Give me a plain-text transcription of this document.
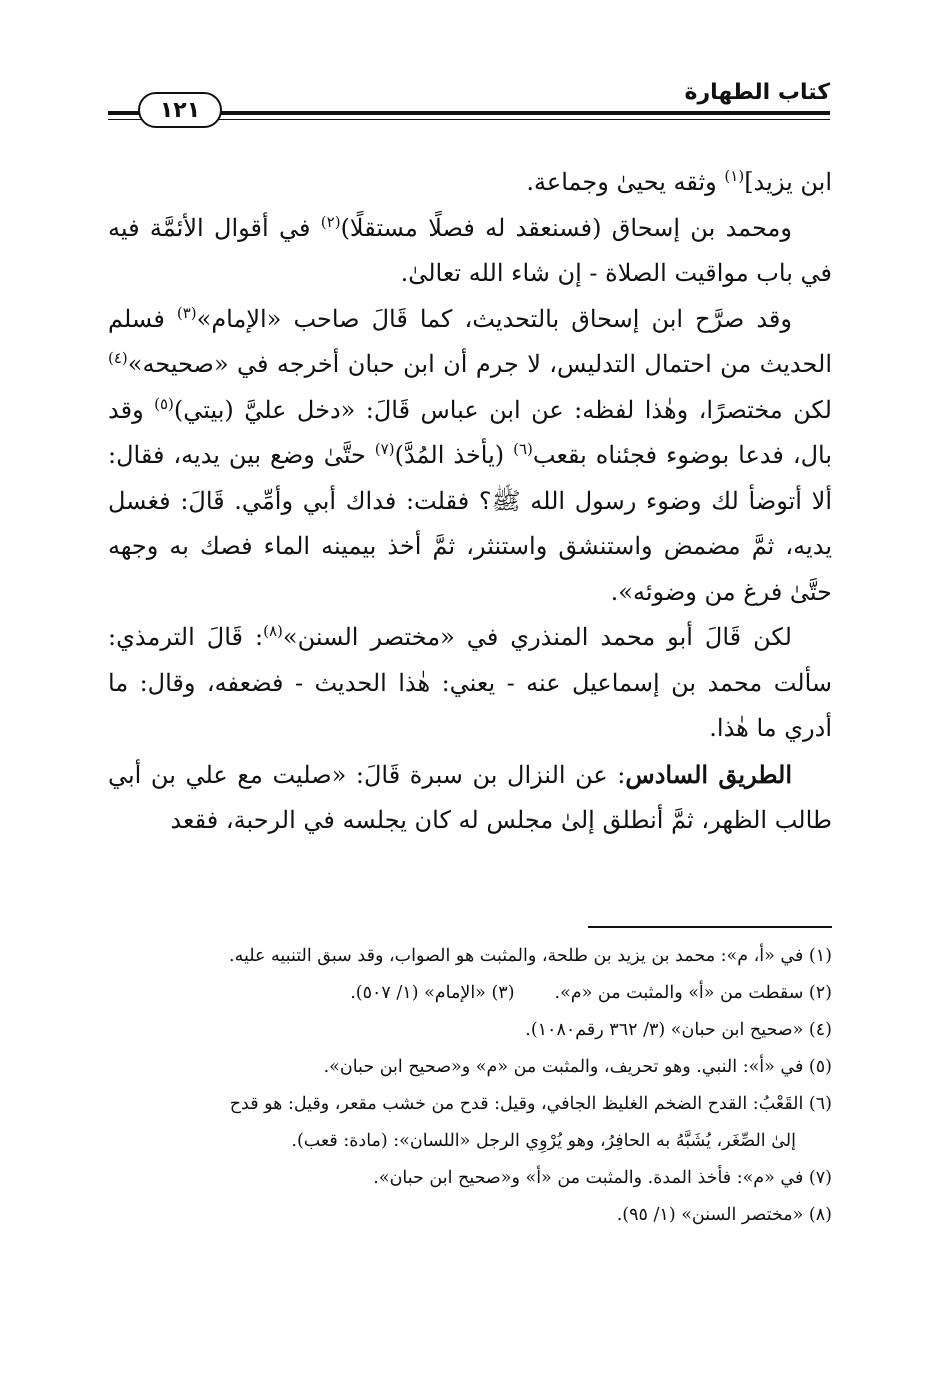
١٢١
كتاب الطهارة

ابن يزيد]$^{(١)}$ وثقه يحيىٰ وجماعة.

ومحمد بن إسحاق (فسنعقد له فصلًا مستقلًا)$^{(٢)}$ في أقوال الأئمَّة فيه في باب مواقيت الصلاة - إن شاء الله تعالىٰ.

وقد صرَّح ابن إسحاق بالتحديث، كما قَالَ صاحب «الإمام»$^{(٣)}$ فسلم الحديث من احتمال التدليس، لا جرم أن ابن حبان أخرجه في «صحيحه»$^{(٤)}$ لكن مختصرًا، وهٰذا لفظه: عن ابن عباس قَالَ: «دخل عليَّ (بيتي)$^{(٥)}$ وقد بال، فدعا بوضوء فجئناه بقعب$^{(٦)}$ (يأخذ المُدَّ)$^{(٧)}$ حتَّىٰ وضع بين يديه، فقال: ألا أتوضأ لك وضوء رسول الله ﷺ؟ فقلت: فداك أبي وأمِّي. قَالَ: فغسل يديه، ثمَّ مضمض واستنشق واستنثر، ثمَّ أخذ بيمينه الماء فصك به وجهه حتَّىٰ فرغ من وضوئه».

لكن قَالَ أبو محمد المنذري في «مختصر السنن»$^{(٨)}$: قَالَ الترمذي: سألت محمد بن إسماعيل عنه - يعني: هٰذا الحديث - فضعفه، وقال: ما أدري ما هٰذا.

الطريق السادس: عن النزال بن سبرة قَالَ: «صليت مع علي بن أبي طالب الظهر، ثمَّ أنطلق إلىٰ مجلس له كان يجلسه في الرحبة، فقعد

(١) في «أ، م»: محمد بن يزيد بن طلحة، والمثبت هو الصواب، وقد سبق التنبيه عليه.

(٢) سقطت من «أ» والمثبت من «م».
(٣) «الإمام» (١/ ٥٠٧).

(٤) «صحيح ابن حبان» (٣/ ٣٦٢ رقم١٠٨٠).

(٥) في «أ»: النبي. وهو تحريف، والمثبت من «م» و«صحيح ابن حبان».

(٦) القَعْبُ: القدح الضخم الغليظ الجافي، وقيل: قدح من خشب مقعر، وقيل: هو قدح

إلىٰ الصِّغَر، يُشَبَّهُ به الحافِرُ، وهو يُرْوِي الرجل «اللسان»: (مادة: قعب).

(٧) في «م»: فأخذ المدة. والمثبت من «أ» و«صحيح ابن حبان».

(٨) «مختصر السنن» (١/ ٩٥).
